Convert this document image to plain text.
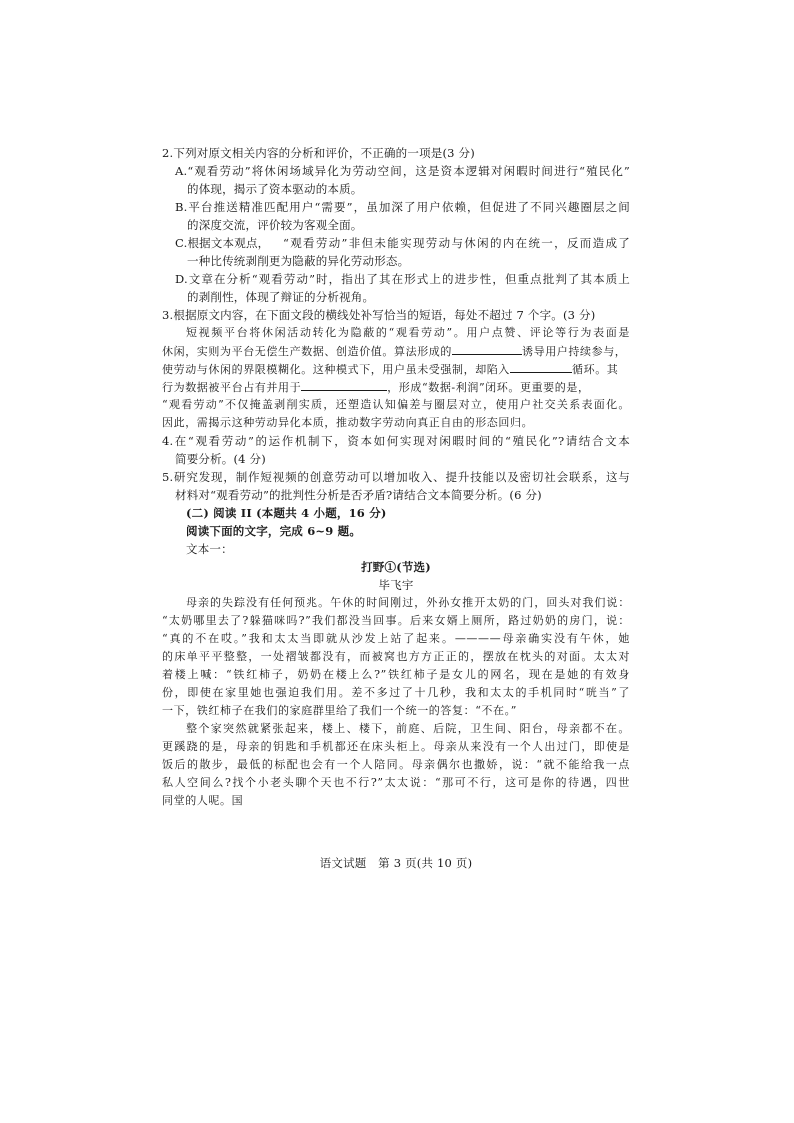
2.下列对原文相关内容的分析和评价，不正确的一项是(3 分)
A.“观看劳动”将休闲场域异化为劳动空间，这是资本逻辑对闲暇时间进行“殖民化”
的体现，揭示了资本驱动的本质。
B.平台推送精准匹配用户“需要”，虽加深了用户依赖，但促进了不同兴趣圈层之间
的深度交流，评价较为客观全面。
C.根据文本观点， “观看劳动”非但未能实现劳动与休闲的内在统一，反而造成了
一种比传统剥削更为隐蔽的异化劳动形态。
D.文章在分析“观看劳动”时，指出了其在形式上的进步性，但重点批判了其本质上
的剥削性，体现了辩证的分析视角。
3.根据原文内容，在下面文段的横线处补写恰当的短语，每处不超过 7 个字。(3 分)
短视频平台将休闲活动转化为隐蔽的“观看劳动”。用户点赞、评论等行为表面是
休闲，实则为平台无偿生产数据、创造价值。算法形成的	诱导用户持续参与，
使劳动与休闲的界限模糊化。这种模式下，用户虽未受强制，却陷入	循环。其
行为数据被平台占有并用于	，形成“数据-利润”闭环。更重要的是，
“观看劳动”不仅掩盖剥削实质，还塑造认知偏差与圈层对立，使用户社交关系表面化。
因此，需揭示这种劳动异化本质，推动数字劳动向真正自由的形态回归。
4.在“观看劳动”的运作机制下，资本如何实现对闲暇时间的“殖民化”?请结合文本
简要分析。(4 分)
5.研究发现，制作短视频的创意劳动可以增加收入、提升技能以及密切社会联系，这与
材料对“观看劳动”的批判性分析是否矛盾?请结合文本简要分析。(6 分)
(二) 阅读 II (本题共 4 小题，16 分)
阅读下面的文字，完成 6~9 题。
文本一：
打野①(节选)
毕飞宇
母亲的失踪没有任何预兆。午休的时间刚过，外孙女推开太奶的门，回头对我们说：
“太奶哪里去了?躲猫咪吗?”我们都没当回事。后来女婿上厕所，路过奶奶的房门，说：
“真的不在哎。”我和太太当即就从沙发上站了起来。————母亲确实没有午休，她
的床单平平整整，一处褶皱都没有，而被窝也方方正正的，摆放在枕头的对面。太太对
着楼上喊：“铁红柿子，奶奶在楼上么?”铁红柿子是女儿的网名，现在是她的有效身
份，即使在家里她也强迫我们用。差不多过了十几秒，我和太太的手机同时“咣当”了
一下，铁红柿子在我们的家庭群里给了我们一个统一的答复：“不在。”
整个家突然就紧张起来，楼上、楼下，前庭、后院，卫生间、阳台，母亲都不在。
更蹊跷的是，母亲的钥匙和手机都还在床头柜上。母亲从来没有一个人出过门，即使是
饭后的散步，最低的标配也会有一个人陪同。母亲偶尔也撒娇，说：“就不能给我一点
私人空间么?找个小老头聊个天也不行?”太太说：“那可不行，这可是你的待遇，四世
同堂的人呢。国
语文试题　第 3 页(共 10 页)
